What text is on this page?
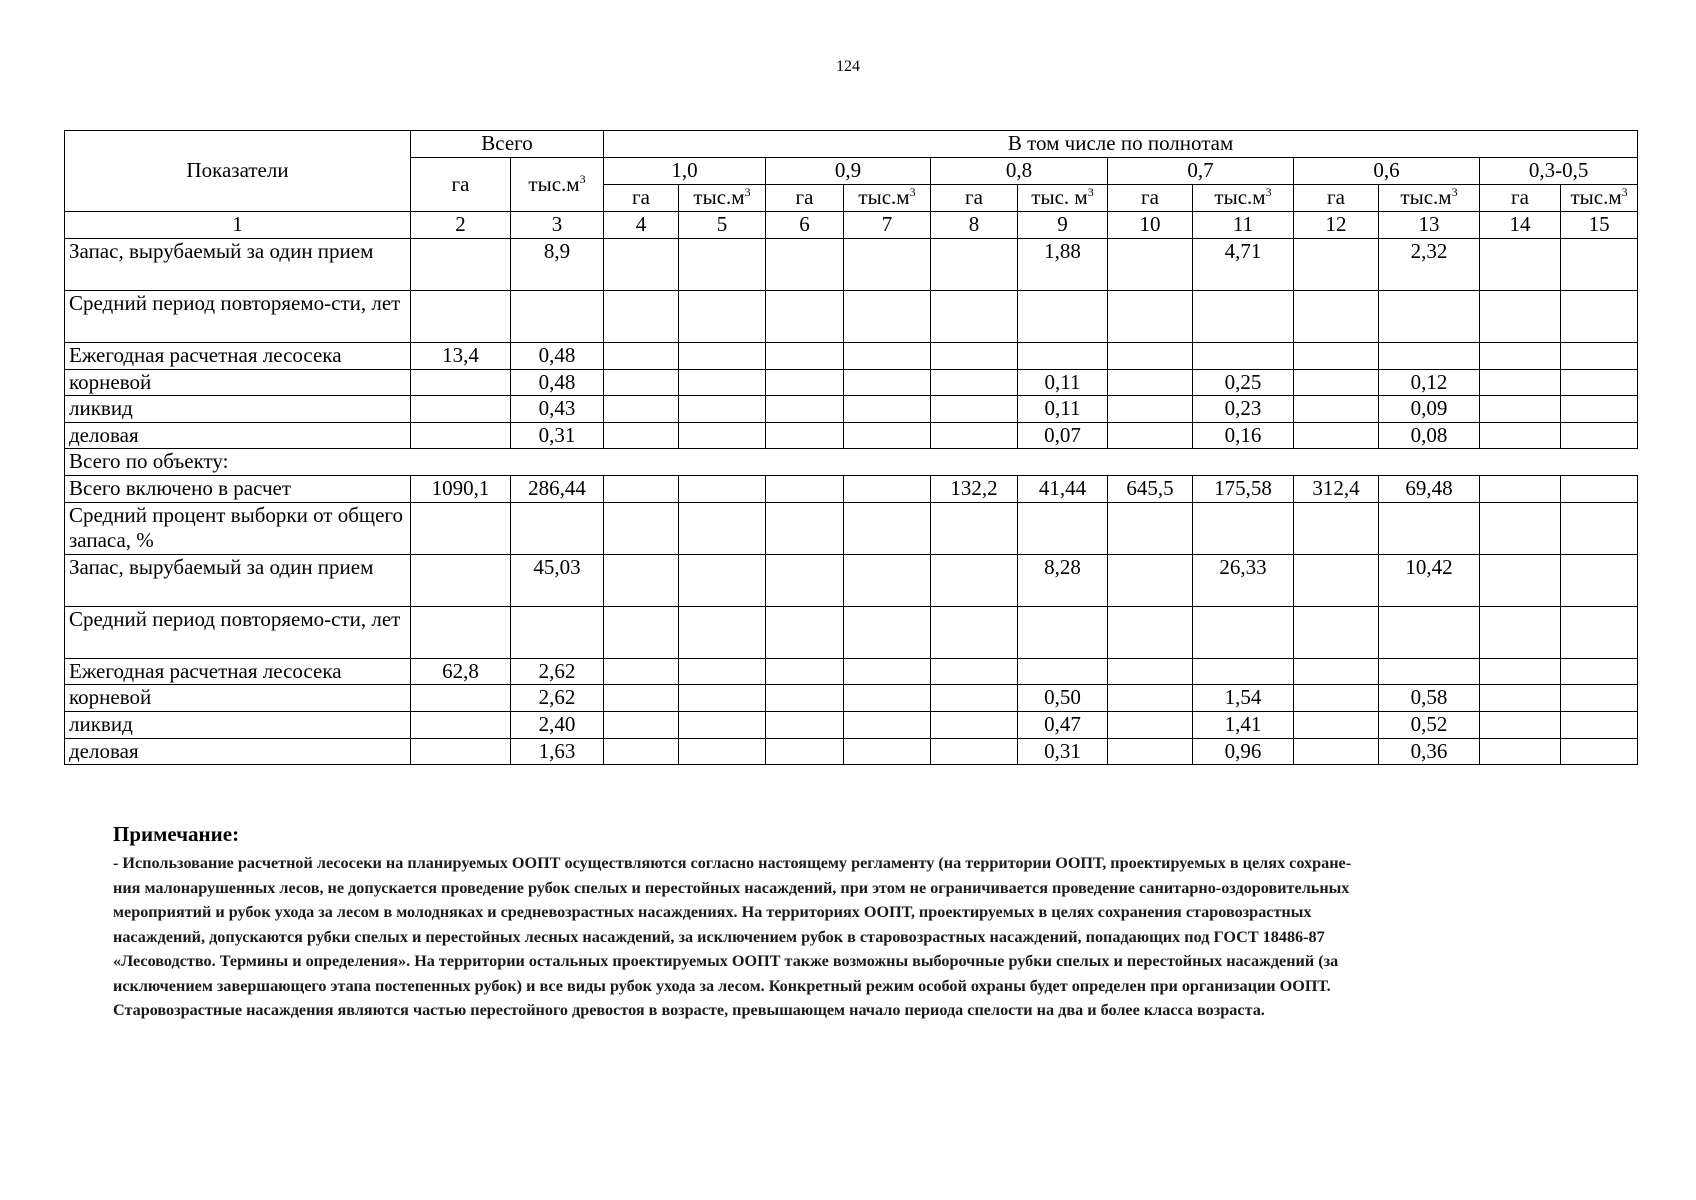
124
Показатели	Всего		В том числе по полнотам											
	га	$тыс.м^3$	1,0		0,9		0,8		0,7		0,6		0,3-0,5	
			га	$тыс.м^3$	га	$тыс.м^3$	га	тыс. $м^3$	га	$тыс.м^3$	га	$тыс.м^3$	га	$тыс.м^3$
1	2	3	4	5	6	7	8	9	10	11	12	13	14	15
Запас, вырубаемый за один прием		8,9						1,88		4,71		2,32		
Средний период повторяемо-сти, лет														
Ежегодная расчетная лесосека	13,4	0,48												
корневой		0,48						0,11		0,25		0,12		
ликвид		0,43						0,11		0,23		0,09		
деловая		0,31						0,07		0,16		0,08		
Всего по объекту:														
Всего включено в расчет	1090,1	286,44					132,2	41,44	645,5	175,58	312,4	69,48		
Средний процент выборки от общего запаса, %														
Запас, вырубаемый за один прием		45,03						8,28		26,33		10,42		
Средний период повторяемо-сти, лет														
Ежегодная расчетная лесосека	62,8	2,62												
корневой		2,62						0,50		1,54		0,58		
ликвид		2,40						0,47		1,41		0,52		
деловая		1,63						0,31		0,96		0,36		
Примечание:
- Использование расчетной лесосеки на планируемых ООПТ осуществляются согласно настоящему регламенту (на территории ООПТ, проектируемых в целях сохране-
ния малонарушенных лесов, не допускается проведение рубок спелых и перестойных насаждений, при этом не ограничивается проведение санитарно-оздоровительных
мероприятий и рубок ухода за лесом в молодняках и средневозрастных насаждениях. На территориях ООПТ, проектируемых в целях сохранения старовозрастных
насаждений, допускаются рубки спелых и перестойных лесных насаждений, за исключением рубок в старовозрастных насаждений, попадающих под ГОСТ 18486-87
«Лесоводство. Термины и определения». На территории остальных проектируемых ООПТ также возможны выборочные рубки спелых и перестойных насаждений (за
исключением завершающего этапа постепенных рубок) и все виды рубок ухода за лесом. Конкретный режим особой охраны будет определен при организации ООПТ.
Старовозрастные насаждения являются частью перестойного древостоя в возрасте, превышающем начало периода спелости на два и более класса возраста.
